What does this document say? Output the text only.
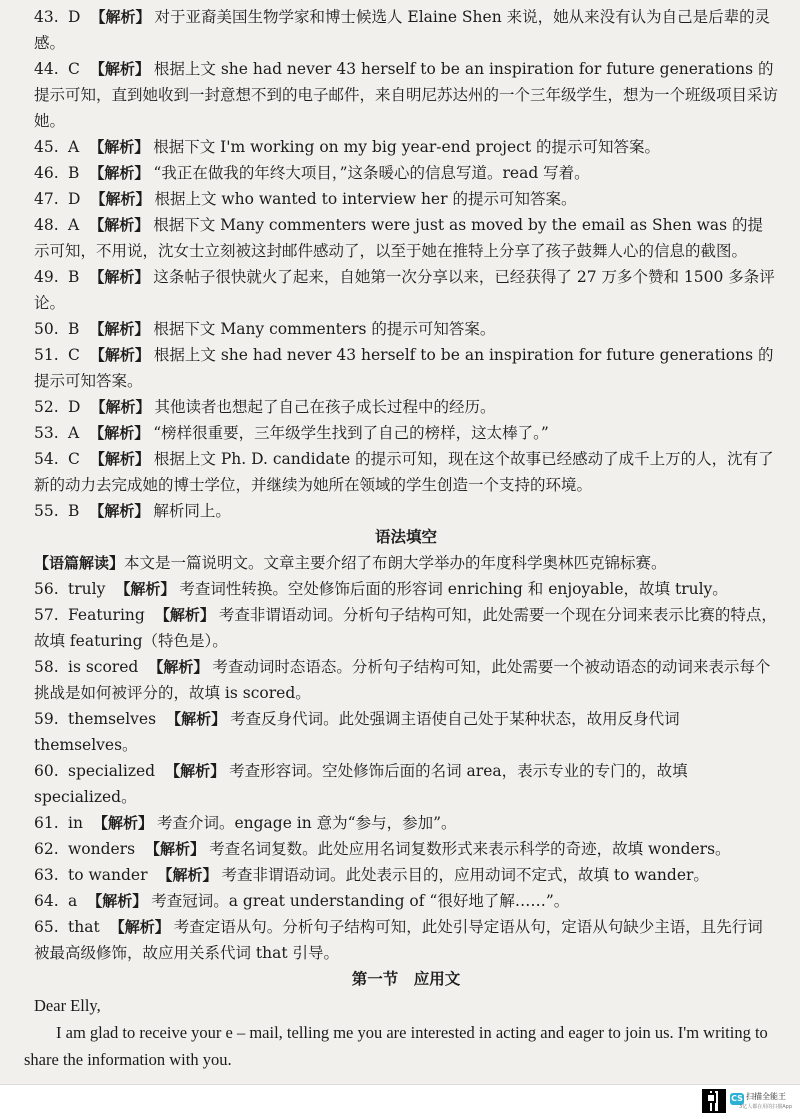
43. D 【解析】 对于亚裔美国生物学家和博士候选人 Elaine Shen 来说，她从来没有认为自己是后辈的灵感。

44. C 【解析】 根据上文 she had never 43 herself to be an inspiration for future generations 的提示可知，直到她收到一封意想不到的电子邮件，来自明尼苏达州的一个三年级学生，想为一个班级项目采访她。

45. A 【解析】 根据下文 I'm working on my big year-end project 的提示可知答案。

46. B 【解析】 “我正在做我的年终大项目，”这条暖心的信息写道。read 写着。

47. D 【解析】 根据上文 who wanted to interview her 的提示可知答案。

48. A 【解析】 根据下文 Many commenters were just as moved by the email as Shen was 的提示可知，不用说，沈女士立刻被这封邮件感动了，以至于她在推特上分享了孩子鼓舞人心的信息的截图。

49. B 【解析】 这条帖子很快就火了起来，自她第一次分享以来，已经获得了 27 万多个赞和 1500 多条评论。

50. B 【解析】 根据下文 Many commenters 的提示可知答案。

51. C 【解析】 根据上文 she had never 43 herself to be an inspiration for future generations 的提示可知答案。

52. D 【解析】 其他读者也想起了自己在孩子成长过程中的经历。

53. A 【解析】 “榜样很重要，三年级学生找到了自己的榜样，这太棒了。”

54. C 【解析】 根据上文 Ph. D. candidate 的提示可知，现在这个故事已经感动了成千上万的人，沈有了新的动力去完成她的博士学位，并继续为她所在领域的学生创造一个支持的环境。

55. B 【解析】 解析同上。

语法填空

【语篇解读】本文是一篇说明文。文章主要介绍了布朗大学举办的年度科学奥林匹克锦标赛。

56. truly 【解析】 考查词性转换。空处修饰后面的形容词 enriching 和 enjoyable，故填 truly。

57. Featuring 【解析】 考查非谓语动词。分析句子结构可知，此处需要一个现在分词来表示比赛的特点，故填 featuring（特色是）。

58. is scored 【解析】 考查动词时态语态。分析句子结构可知，此处需要一个被动语态的动词来表示每个挑战是如何被评分的，故填 is scored。

59. themselves 【解析】 考查反身代词。此处强调主语使自己处于某种状态，故用反身代词 themselves。

60. specialized 【解析】 考查形容词。空处修饰后面的名词 area，表示专业的专门的，故填 specialized。

61. in 【解析】 考查介词。engage in 意为“参与，参加”。

62. wonders 【解析】 考查名词复数。此处应用名词复数形式来表示科学的奇迹，故填 wonders。

63. to wander 【解析】 考查非谓语动词。此处表示目的，应用动词不定式，故填 to wander。

64. a 【解析】 考查冠词。a great understanding of “很好地了解……”。

65. that 【解析】 考查定语从句。分析句子结构可知，此处引导定语从句，定语从句缺少主语，且先行词被最高级修饰，故应用关系代词 that 引导。

第一节　应用文

Dear Elly,

I am glad to receive your e – mail, telling me you are interested in acting and eager to join us. I'm writing to share the information with you.

CS 扫描全能王
3亿人都在用的扫描App
